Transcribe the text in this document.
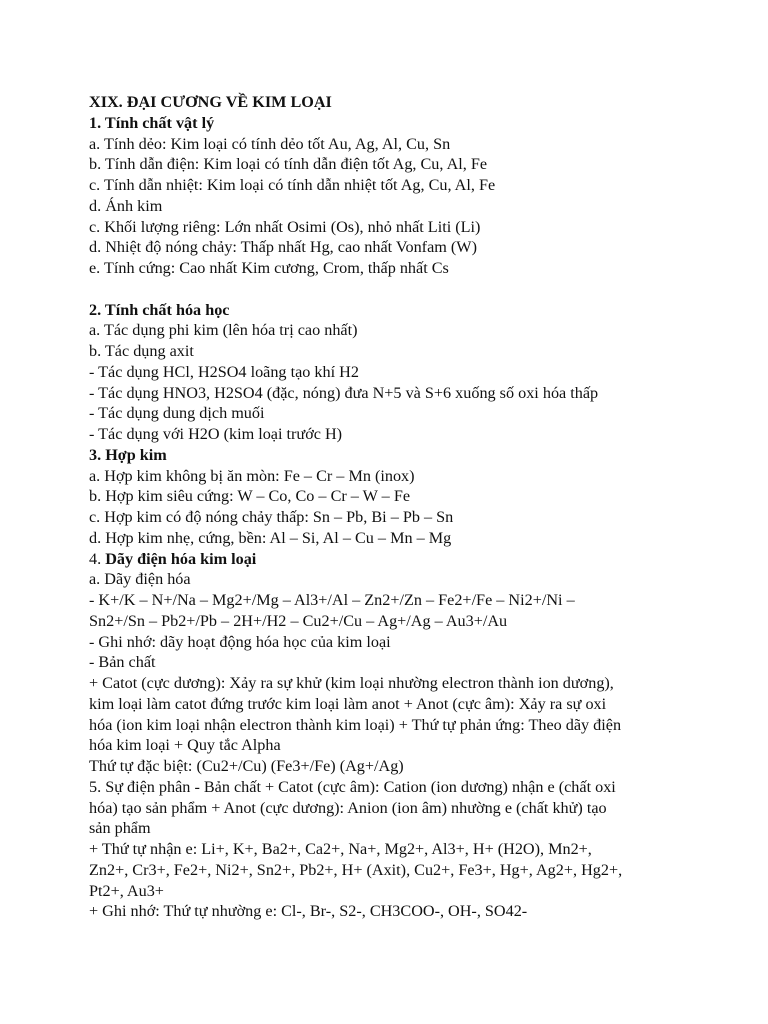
XIX. ĐẠI CƯƠNG VỀ KIM LOẠI

1. Tính chất vật lý

a. Tính dẻo: Kim loại có tính dẻo tốt Au, Ag, Al, Cu, Sn

b. Tính dẫn điện: Kim loại có tính dẫn điện tốt Ag, Cu, Al, Fe

c. Tính dẫn nhiệt: Kim loại có tính dẫn nhiệt tốt Ag, Cu, Al, Fe

d. Ánh kim

c. Khối lượng riêng: Lớn nhất Osimi (Os), nhỏ nhất Liti (Li)

d. Nhiệt độ nóng chảy: Thấp nhất Hg, cao nhất Vonfam (W)

e. Tính cứng: Cao nhất Kim cương, Crom, thấp nhất Cs

2. Tính chất hóa học

a. Tác dụng phi kim (lên hóa trị cao nhất)

b. Tác dụng axit

- Tác dụng HCl, H2SO4 loãng tạo khí H2

- Tác dụng HNO3, H2SO4 (đặc, nóng) đưa N+5 và S+6 xuống số oxi hóa thấp

- Tác dụng dung dịch muối

- Tác dụng với H2O (kim loại trước H)

3. Hợp kim

a. Hợp kim không bị ăn mòn: Fe – Cr – Mn (inox)

b. Hợp kim siêu cứng: W – Co, Co – Cr – W – Fe

c. Hợp kim có độ nóng chảy thấp: Sn – Pb, Bi – Pb – Sn

d. Hợp kim nhẹ, cứng, bền: Al – Si, Al – Cu – Mn – Mg

4. Dãy điện hóa kim loại

a. Dãy điện hóa

- K+/K – N+/Na – Mg2+/Mg – Al3+/Al – Zn2+/Zn – Fe2+/Fe – Ni2+/Ni –

Sn2+/Sn – Pb2+/Pb – 2H+/H2 – Cu2+/Cu – Ag+/Ag – Au3+/Au

- Ghi nhớ: dãy hoạt động hóa học của kim loại

- Bản chất

+ Catot (cực dương): Xảy ra sự khử (kim loại nhường electron thành ion dương),

kim loại làm catot đứng trước kim loại làm anot + Anot (cực âm): Xảy ra sự oxi

hóa (ion kim loại nhận electron thành kim loại) + Thứ tự phản ứng: Theo dãy điện

hóa kim loại + Quy tắc Alpha

Thứ tự đặc biệt: (Cu2+/Cu) (Fe3+/Fe) (Ag+/Ag)

5. Sự điện phân - Bản chất + Catot (cực âm): Cation (ion dương) nhận e (chất oxi

hóa) tạo sản phẩm + Anot (cực dương): Anion (ion âm) nhường e (chất khử) tạo

sản phẩm

+ Thứ tự nhận e: Li+, K+, Ba2+, Ca2+, Na+, Mg2+, Al3+, H+ (H2O), Mn2+,

Zn2+, Cr3+, Fe2+, Ni2+, Sn2+, Pb2+, H+ (Axit), Cu2+, Fe3+, Hg+, Ag2+, Hg2+,

Pt2+, Au3+

+ Ghi nhớ: Thứ tự nhường e: Cl-, Br-, S2-, CH3COO-, OH-, SO42-
